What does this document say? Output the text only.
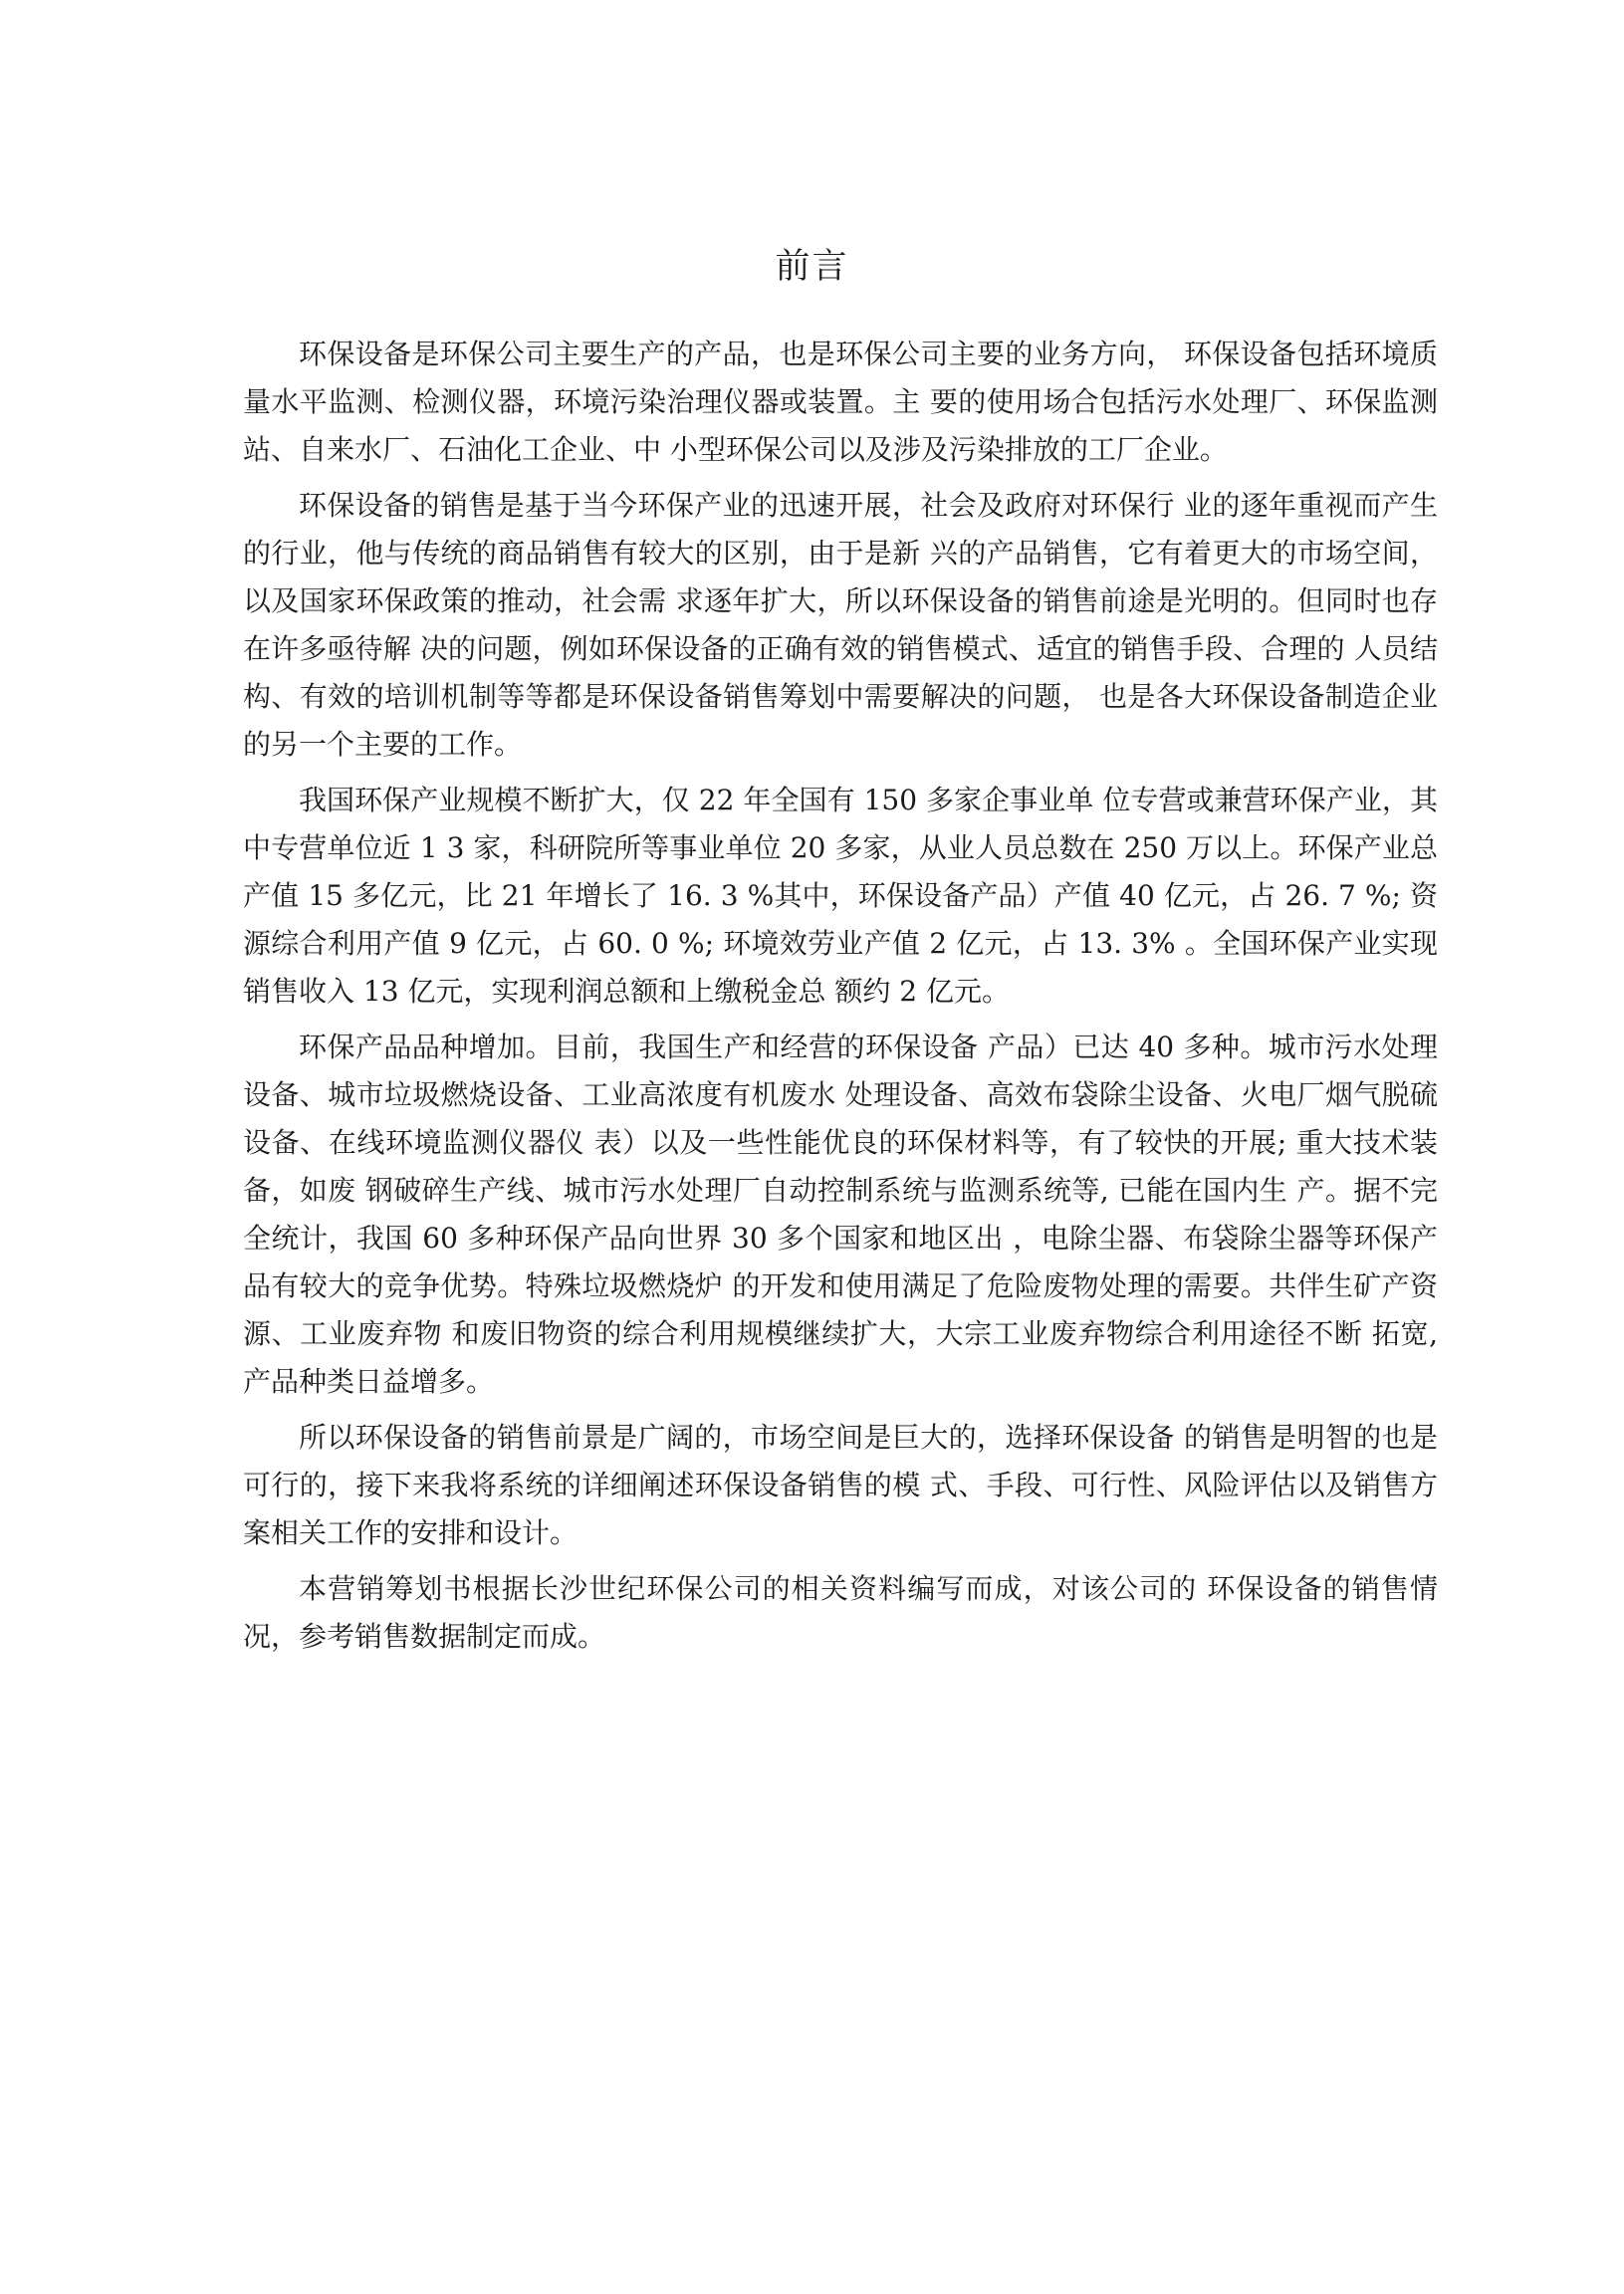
前言

环保设备是环保公司主要生产的产品，也是环保公司主要的业务方向， 环保设备包括环境质量水平监测、检测仪器，环境污染治理仪器或装置。主 要的使用场合包括污水处理厂、环保监测站、自来水厂、石油化工企业、中 小型环保公司以及涉及污染排放的工厂企业。

环保设备的销售是基于当今环保产业的迅速开展，社会及政府对环保行 业的逐年重视而产生的行业，他与传统的商品销售有较大的区别，由于是新 兴的产品销售，它有着更大的市场空间，以及国家环保政策的推动，社会需 求逐年扩大，所以环保设备的销售前途是光明的。但同时也存在许多亟待解 决的问题，例如环保设备的正确有效的销售模式、适宜的销售手段、合理的 人员结构、有效的培训机制等等都是环保设备销售筹划中需要解决的问题， 也是各大环保设备制造企业的另一个主要的工作。

我国环保产业规模不断扩大，仅 22 年全国有 150 多家企事业单 位专营或兼营环保产业，其中专营单位近 1 3 家，科研院所等事业单位 20 多家，从业人员总数在 250 万以上。环保产业总产值 15 多亿元，比 21 年增长了 16. 3 %其中，环保设备产品）产值 40 亿元，占 26. 7 %; 资源综合利用产值 9 亿元，占 60. 0 %; 环境效劳业产值 2 亿元，占 13. 3% 。全国环保产业实现销售收入 13 亿元，实现利润总额和上缴税金总 额约 2 亿元。

环保产品品种增加。目前，我国生产和经营的环保设备 产品）已达 40 多种。城市污水处理设备、城市垃圾燃烧设备、工业高浓度有机废水 处理设备、高效布袋除尘设备、火电厂烟气脱硫设备、在线环境监测仪器仪 表）以及一些性能优良的环保材料等，有了较快的开展; 重大技术装备，如废 钢破碎生产线、城市污水处理厂自动控制系统与监测系统等, 已能在国内生 产。据不完全统计，我国 60 多种环保产品向世界 30 多个国家和地区出 ，电除尘器、布袋除尘器等环保产品有较大的竞争优势。特殊垃圾燃烧炉 的开发和使用满足了危险废物处理的需要。共伴生矿产资源、工业废弃物 和废旧物资的综合利用规模继续扩大，大宗工业废弃物综合利用途径不断 拓宽, 产品种类日益增多。

所以环保设备的销售前景是广阔的，市场空间是巨大的，选择环保设备 的销售是明智的也是可行的，接下来我将系统的详细阐述环保设备销售的模 式、手段、可行性、风险评估以及销售方案相关工作的安排和设计。

本营销筹划书根据长沙世纪环保公司的相关资料编写而成，对该公司的 环保设备的销售情况，参考销售数据制定而成。
